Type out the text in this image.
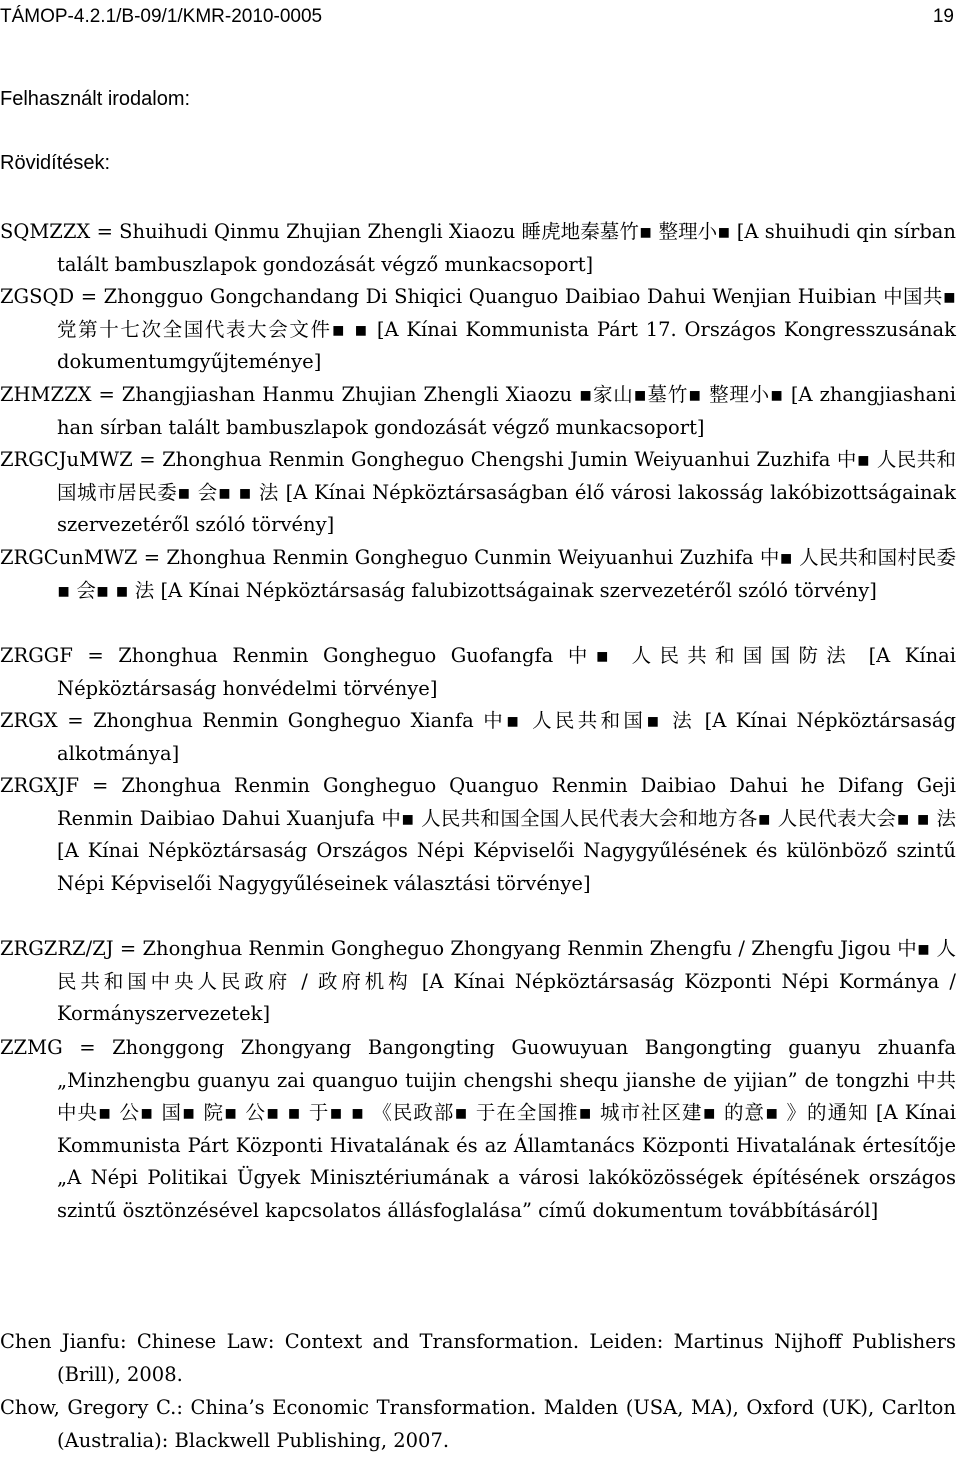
TÁMOP-4.2.1/B-09/1/KMR-2010-0005	19
Felhasznált irodalom:
Rövidítések:
SQMZZX = Shuihudi Qinmu Zhujian Zhengli Xiaozu 睡虎地秦墓竹▪ 整理小▪ [A shuihudi qin sírban talált bambuszlapok gondozását végző munkacsoport]
ZGSQD = Zhongguo Gongchandang Di Shiqici Quanguo Daibiao Dahui Wenjian Huibian 中国共▪ 党第十七次全国代表大会文件▪ ▪ [A Kínai Kommunista Párt 17. Országos Kongresszusának dokumentumgyűjteménye]
ZHMZZX = Zhangjiashan Hanmu Zhujian Zhengli Xiaozu ▪家山▪墓竹▪ 整理小▪ [A zhangjiashani han sírban talált bambuszlapok gondozását végző munkacsoport]
ZRGCJuMWZ = Zhonghua Renmin Gongheguo Chengshi Jumin Weiyuanhui Zuzhifa 中▪ 人民共和国城市居民委▪ 会▪ ▪ 法 [A Kínai Népköztársaságban élő városi lakosság lakóbizottságainak szervezetéről szóló törvény]
ZRGCunMWZ = Zhonghua Renmin Gongheguo Cunmin Weiyuanhui Zuzhifa 中▪ 人民共和国村民委▪ 会▪ ▪ 法 [A Kínai Népköztársaság falubizottságainak szervezetéről szóló törvény]
ZRGGF = Zhonghua Renmin Gongheguo Guofangfa 中▪ 人民共和国国防法 [A Kínai Népköztársaság honvédelmi törvénye]
ZRGX = Zhonghua Renmin Gongheguo Xianfa 中▪ 人民共和国▪ 法 [A Kínai Népköztársaság alkotmánya]
ZRGXJF = Zhonghua Renmin Gongheguo Quanguo Renmin Daibiao Dahui he Difang Geji Renmin Daibiao Dahui Xuanjufa 中▪ 人民共和国全国人民代表大会和地方各▪ 人民代表大会▪ ▪ 法 [A Kínai Népköztársaság Országos Népi Képviselői Nagygyűlésének és különböző szintű Népi Képviselői Nagygyűléseinek választási törvénye]
ZRGZRZ/ZJ = Zhonghua Renmin Gongheguo Zhongyang Renmin Zhengfu / Zhengfu Jigou 中▪ 人民共和国中央人民政府 / 政府机构 [A Kínai Népköztársaság Központi Népi Kormánya / Kormányszervezetek]
ZZMG = Zhonggong Zhongyang Bangongting Guowuyuan Bangongting guanyu zhuanfa „Minzhengbu guanyu zai quanguo tuijin chengshi shequ jianshe de yijian” de tongzhi 中共中央▪ 公▪ 国▪ 院▪ 公▪ ▪ 于▪ ▪ 《民政部▪ 于在全国推▪ 城市社区建▪ 的意▪ 》的通知 [A Kínai Kommunista Párt Központi Hivatalának és az Államtanács Központi Hivatalának értesítője „A Népi Politikai Ügyek Minisztériumának a városi lakóközösségek építésének országos szintű ösztönzésével kapcsolatos állásfoglalása” című dokumentum továbbításáról]
Chen Jianfu: Chinese Law: Context and Transformation. Leiden: Martinus Nijhoff Publishers (Brill), 2008.
Chow, Gregory C.: China’s Economic Transformation. Malden (USA, MA), Oxford (UK), Carlton (Australia): Blackwell Publishing, 2007.
